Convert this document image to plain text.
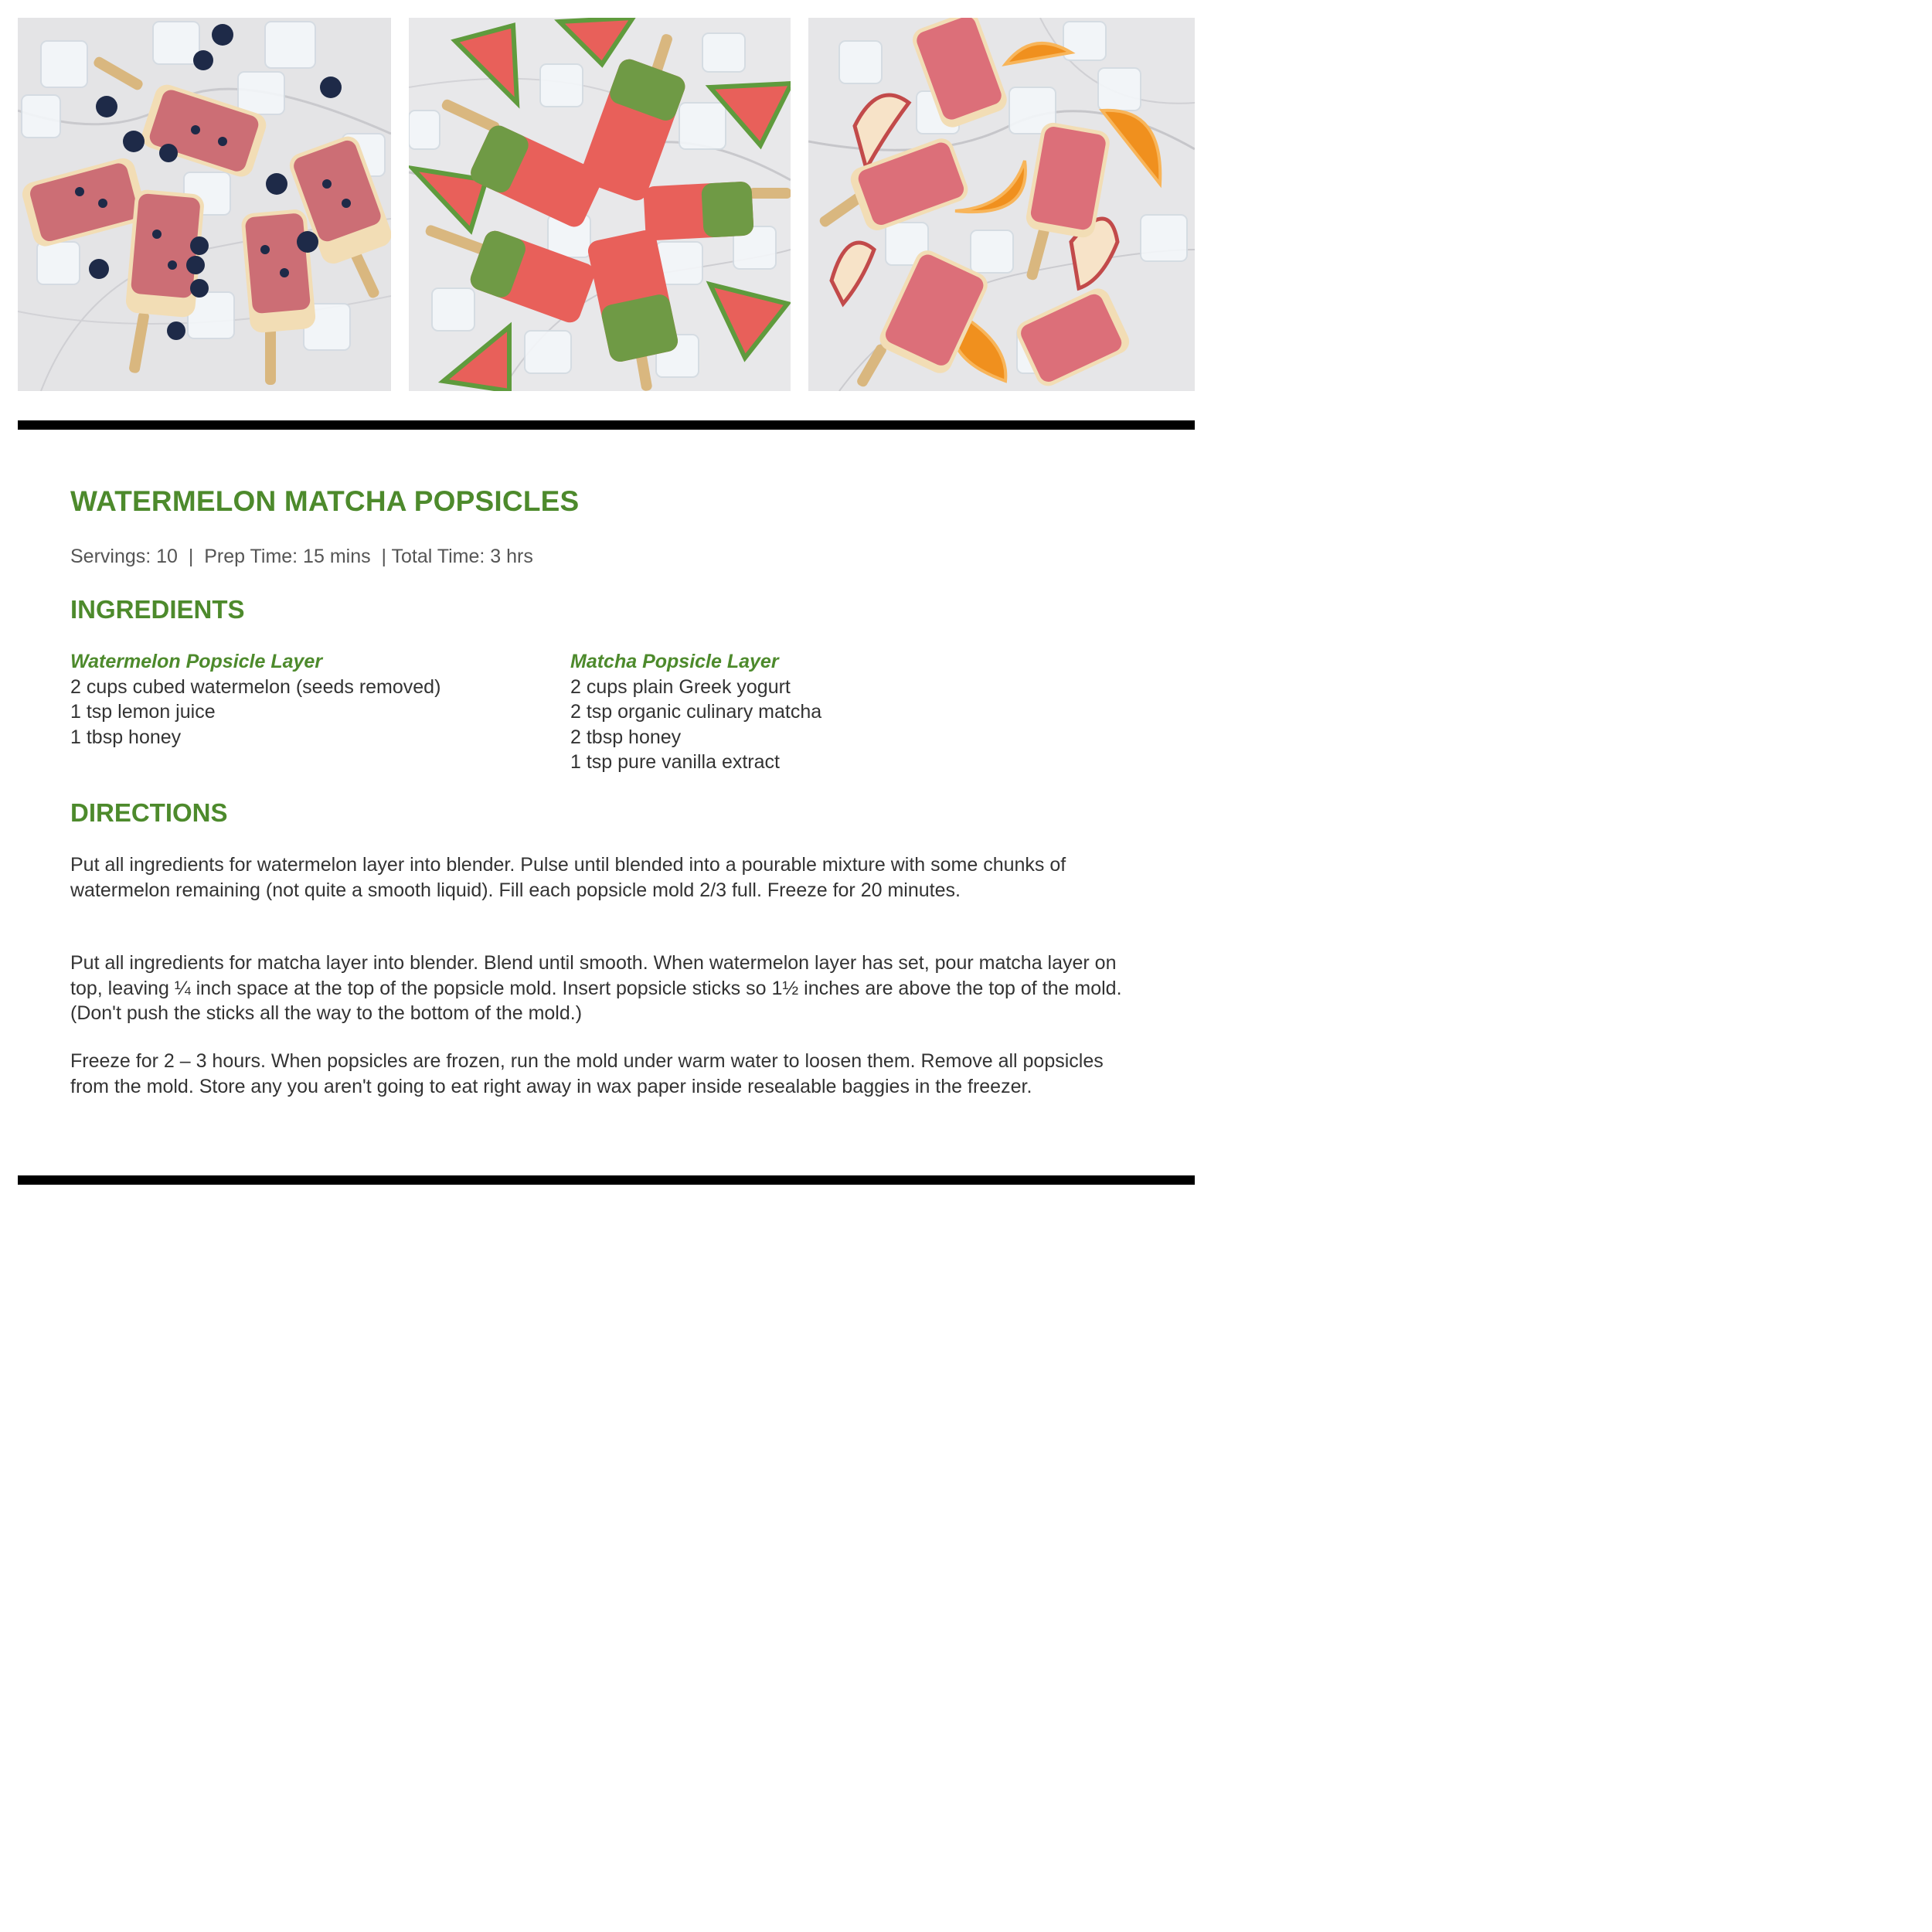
WATERMELON MATCHA POPSICLES
Servings: 10  |  Prep Time: 15 mins  | Total Time: 3 hrs
INGREDIENTS
Watermelon Popsicle Layer
2 cups cubed watermelon (seeds removed)
1 tsp lemon juice
1 tbsp honey
Matcha Popsicle Layer
2 cups plain Greek yogurt
2 tsp organic culinary matcha
2 tbsp honey
1 tsp pure vanilla extract
DIRECTIONS

Put all ingredients for watermelon layer into blender. Pulse until blended into a pourable mixture with some chunks of watermelon remaining (not quite a smooth liquid). Fill each popsicle mold 2/3 full. Freeze for 20 minutes.

Put all ingredients for matcha layer into blender. Blend until smooth. When watermelon layer has set, pour matcha layer on top, leaving ¼ inch space at the top of the popsicle mold. Insert popsicle sticks so 1½ inches are above the top of the mold. (Don't push the sticks all the way to the bottom of the mold.)

Freeze for 2 – 3 hours. When popsicles are frozen, run the mold under warm water to loosen them. Remove all popsicles from the mold. Store any you aren't going to eat right away in wax paper inside resealable baggies in the freezer.
